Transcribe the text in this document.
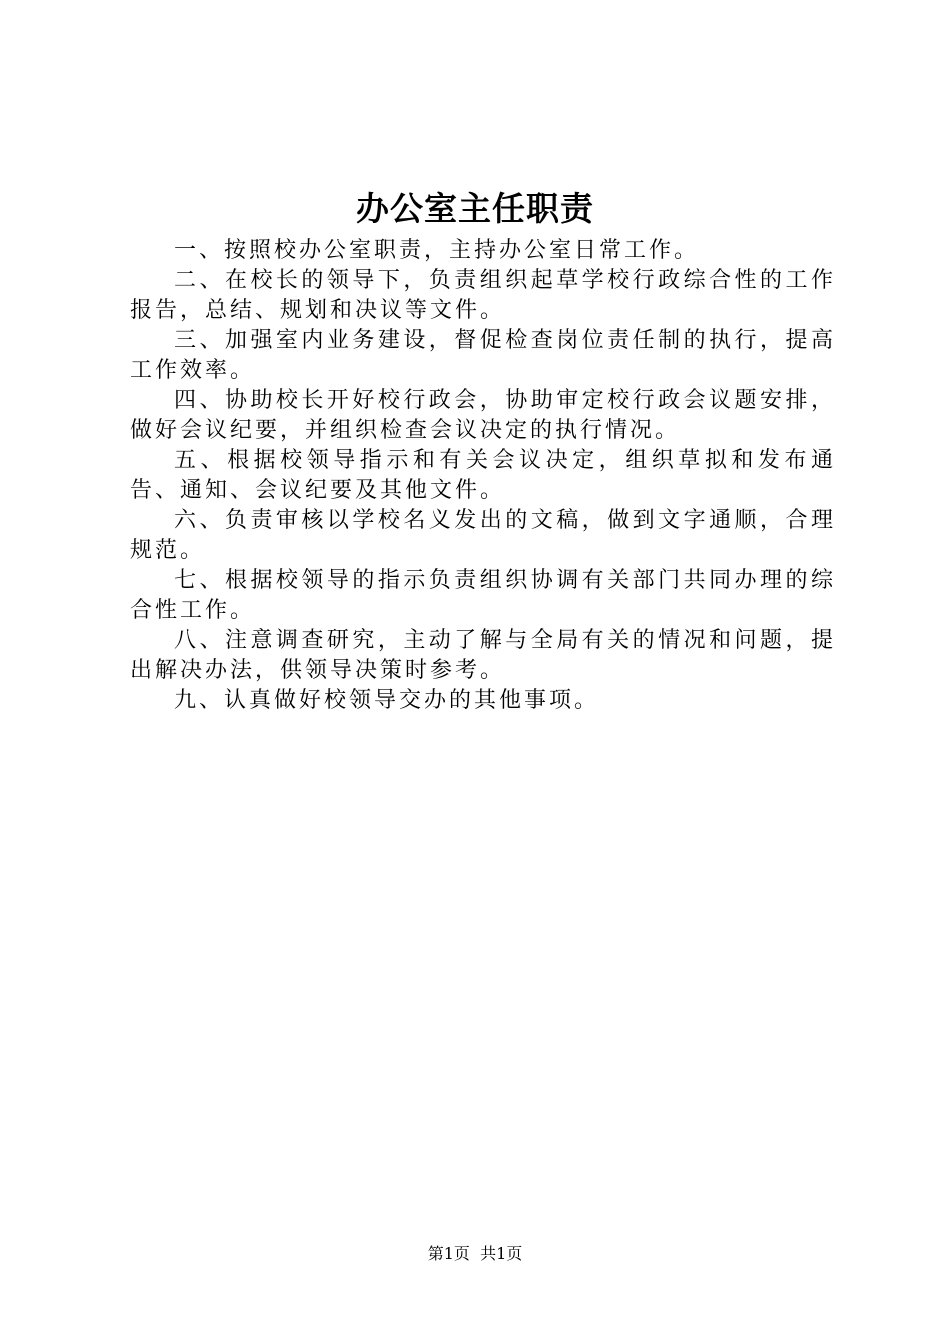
办公室主任职责

一、按照校办公室职责，主持办公室日常工作。

二、在校长的领导下，负责组织起草学校行政综合性的工作报告，总结、规划和决议等文件。

三、加强室内业务建设，督促检查岗位责任制的执行，提高工作效率。

四、协助校长开好校行政会，协助审定校行政会议题安排，做好会议纪要，并组织检查会议决定的执行情况。

五、根据校领导指示和有关会议决定，组织草拟和发布通告、通知、会议纪要及其他文件。

六、负责审核以学校名义发出的文稿，做到文字通顺，合理规范。

七、根据校领导的指示负责组织协调有关部门共同办理的综合性工作。

八、注意调查研究，主动了解与全局有关的情况和问题，提出解决办法，供领导决策时参考。

九、认真做好校领导交办的其他事项。

第1页  共1页
